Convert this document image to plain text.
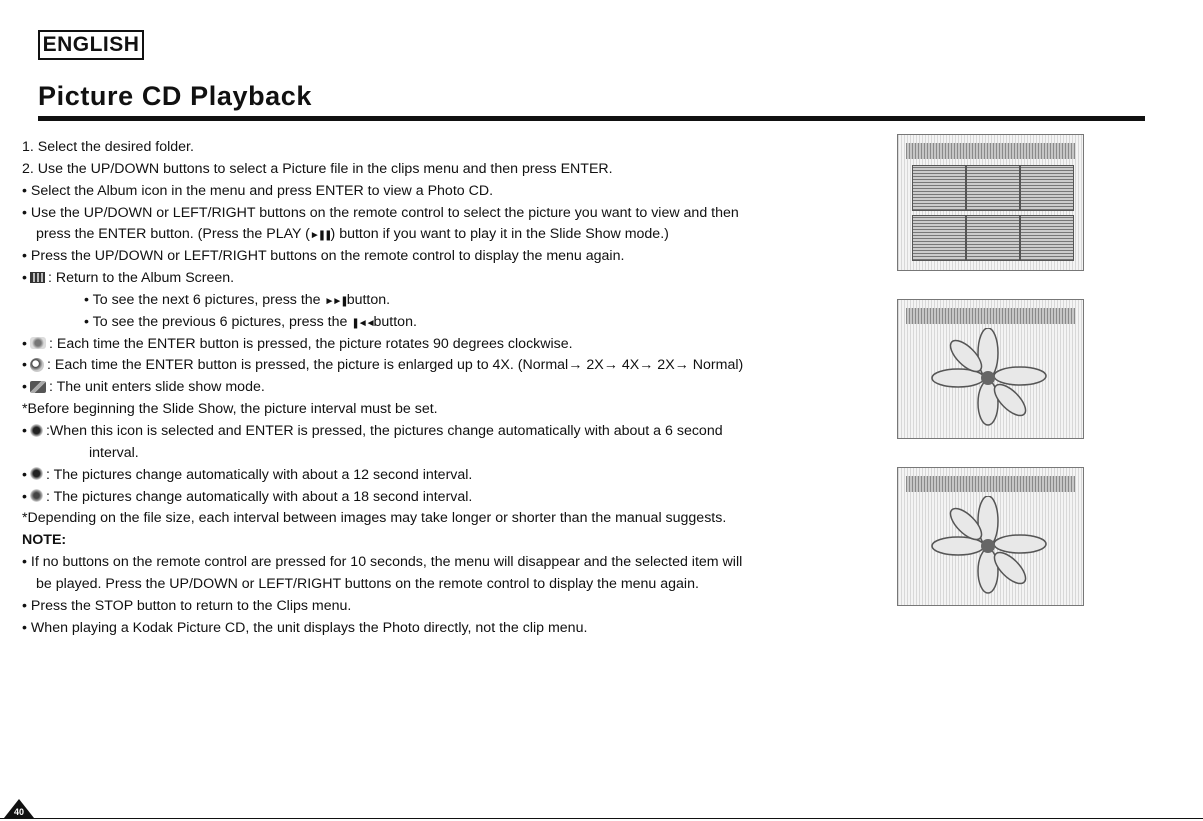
ENGLISH
Picture CD Playback
1. Select the desired folder.
2. Use the UP/DOWN buttons to select a Picture file in the clips menu and then press ENTER.
• Select the Album icon in the menu and press ENTER to view a Photo CD.
• Use the UP/DOWN or LEFT/RIGHT buttons on the remote control to select the picture you want to view and then
press the ENTER button. (Press the PLAY (►❚❚) button if you want to play it in the Slide Show mode.)
• Press the UP/DOWN or LEFT/RIGHT buttons on the remote control to display the menu again.
• : Return to the Album Screen.
• To see the next 6 pictures, press the ►►❚button.
• To see the previous 6 pictures, press the ❚◄◄button.
• : Each time the ENTER button is pressed, the picture rotates 90 degrees clockwise.
• : Each time the ENTER button is pressed, the picture is enlarged up to 4X. (Normal→ 2X→ 4X→ 2X→ Normal)
• : The unit enters slide show mode.
*Before beginning the Slide Show, the picture interval must be set.
• :When this icon is selected and ENTER is pressed, the pictures change automatically with about a 6 second
interval.
• : The pictures change automatically with about a 12 second interval.
• : The pictures change automatically with about a 18 second interval.
*Depending on the file size, each interval between images may take longer or shorter than the manual suggests.
NOTE:
• If no buttons on the remote control are pressed for 10 seconds, the menu will disappear and the selected item will
be played. Press the UP/DOWN or LEFT/RIGHT buttons on the remote control to display the menu again.
• Press the STOP button to return to the Clips menu.
• When playing a Kodak Picture CD, the unit displays the Photo directly, not the clip menu.
40
